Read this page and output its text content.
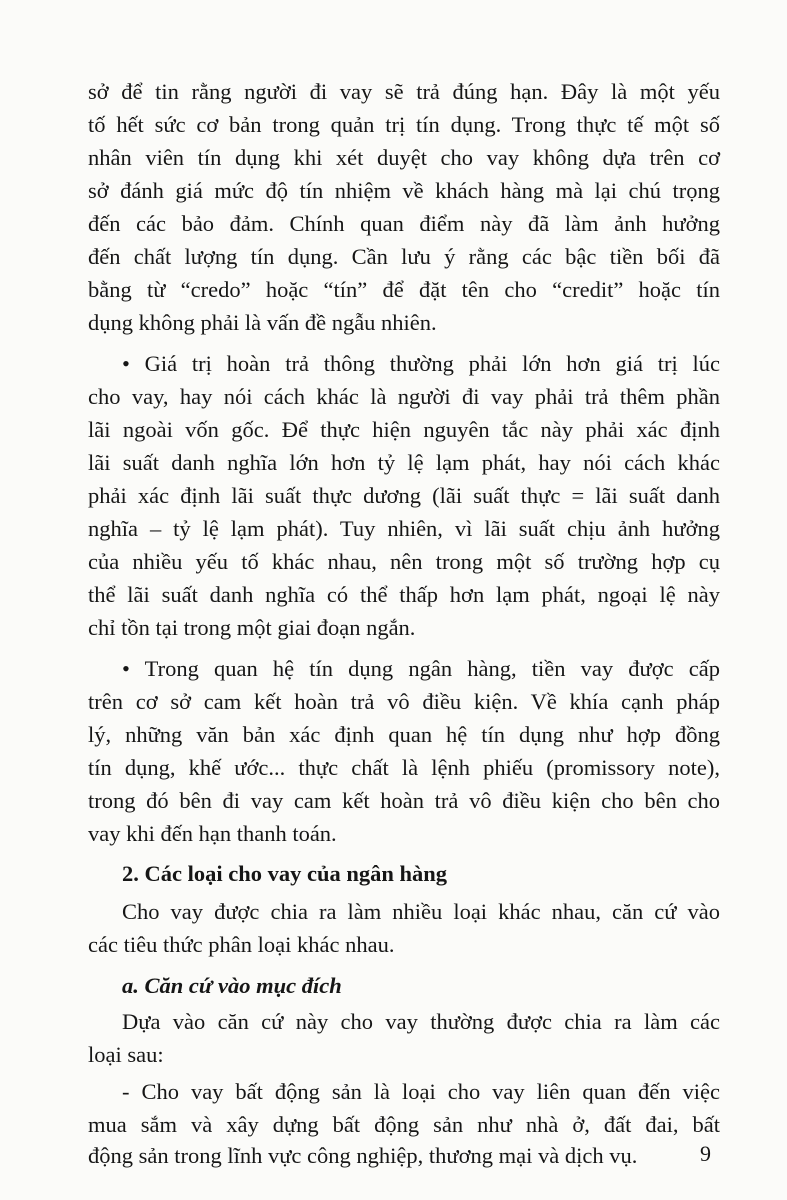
sở để tin rằng người đi vay sẽ trả đúng hạn. Đây là một yếu
tố hết sức cơ bản trong quản trị tín dụng. Trong thực tế một số
nhân viên tín dụng khi xét duyệt cho vay không dựa trên cơ
sở đánh giá mức độ tín nhiệm về khách hàng mà lại chú trọng
đến các bảo đảm. Chính quan điểm này đã làm ảnh hưởng
đến chất lượng tín dụng. Cần lưu ý rằng các bậc tiền bối đã
bằng từ “credo” hoặc “tín” để đặt tên cho “credit” hoặc tín
dụng không phải là vấn đề ngẫu nhiên.
• Giá trị hoàn trả thông thường phải lớn hơn giá trị lúc
cho vay, hay nói cách khác là người đi vay phải trả thêm phần
lãi ngoài vốn gốc. Để thực hiện nguyên tắc này phải xác định
lãi suất danh nghĩa lớn hơn tỷ lệ lạm phát, hay nói cách khác
phải xác định lãi suất thực dương (lãi suất thực = lãi suất danh
nghĩa – tỷ lệ lạm phát). Tuy nhiên, vì lãi suất chịu ảnh hưởng
của nhiều yếu tố khác nhau, nên trong một số trường hợp cụ
thể lãi suất danh nghĩa có thể thấp hơn lạm phát, ngoại lệ này
chỉ tồn tại trong một giai đoạn ngắn.
• Trong quan hệ tín dụng ngân hàng, tiền vay được cấp
trên cơ sở cam kết hoàn trả vô điều kiện. Về khía cạnh pháp
lý, những văn bản xác định quan hệ tín dụng như hợp đồng
tín dụng, khế ước... thực chất là lệnh phiếu (promissory note),
trong đó bên đi vay cam kết hoàn trả vô điều kiện cho bên cho
vay khi đến hạn thanh toán.
2. Các loại cho vay của ngân hàng
Cho vay được chia ra làm nhiều loại khác nhau, căn cứ vào
các tiêu thức phân loại khác nhau.
a. Căn cứ vào mục đích
Dựa vào căn cứ này cho vay thường được chia ra làm các
loại sau:
- Cho vay bất động sản là loại cho vay liên quan đến việc
mua sắm và xây dựng bất động sản như nhà ở, đất đai, bất
động sản trong lĩnh vực công nghiệp, thương mại và dịch vụ.	9
